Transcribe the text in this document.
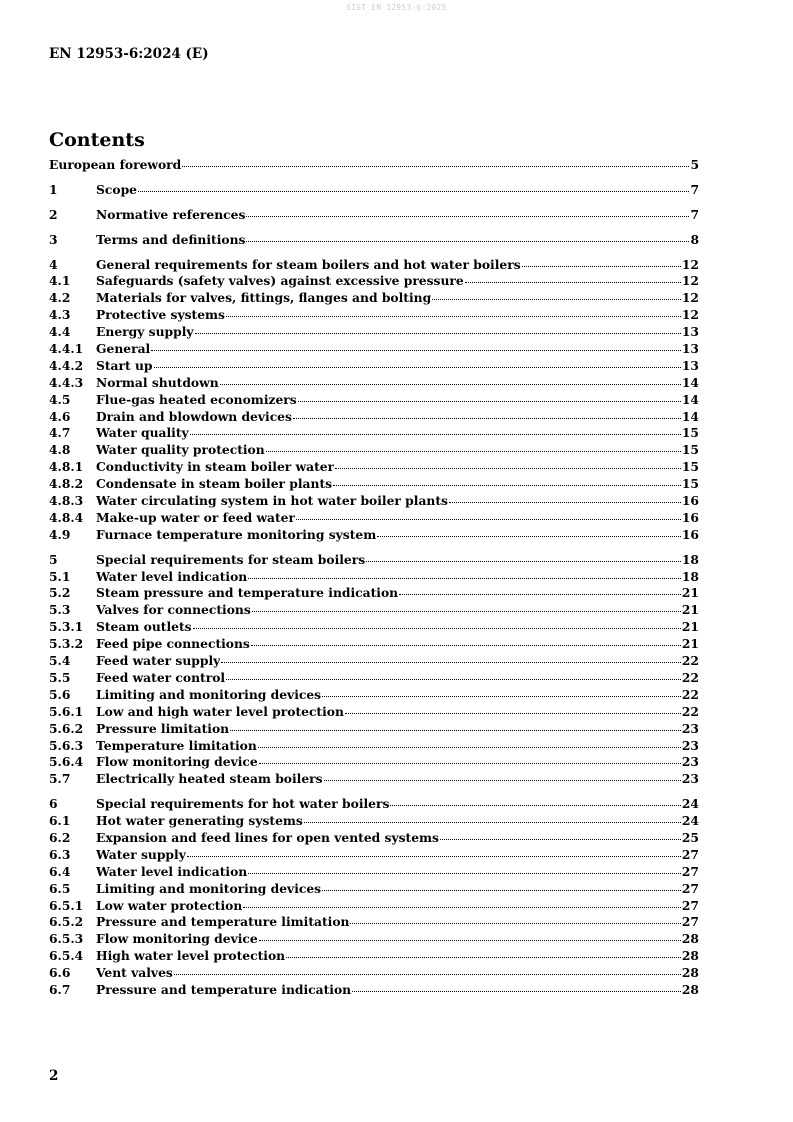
SIST EN 12953-6:2025
EN 12953-6:2024 (E)
Contents
European foreword	5
1	Scope	7
2	Normative references	7
3	Terms and definitions	8
4	General requirements for steam boilers and hot water boilers	12
4.1	Safeguards (safety valves) against excessive pressure	12
4.2	Materials for valves, fittings, flanges and bolting	12
4.3	Protective systems	12
4.4	Energy supply	13
4.4.1	General	13
4.4.2	Start up	13
4.4.3	Normal shutdown	14
4.5	Flue-gas heated economizers	14
4.6	Drain and blowdown devices	14
4.7	Water quality	15
4.8	Water quality protection	15
4.8.1	Conductivity in steam boiler water	15
4.8.2	Condensate in steam boiler plants	15
4.8.3	Water circulating system in hot water boiler plants	16
4.8.4	Make-up water or feed water	16
4.9	Furnace temperature monitoring system	16
5	Special requirements for steam boilers	18
5.1	Water level indication	18
5.2	Steam pressure and temperature indication	21
5.3	Valves for connections	21
5.3.1	Steam outlets	21
5.3.2	Feed pipe connections	21
5.4	Feed water supply	22
5.5	Feed water control	22
5.6	Limiting and monitoring devices	22
5.6.1	Low and high water level protection	22
5.6.2	Pressure limitation	23
5.6.3	Temperature limitation	23
5.6.4	Flow monitoring device	23
5.7	Electrically heated steam boilers	23
6	Special requirements for hot water boilers	24
6.1	Hot water generating systems	24
6.2	Expansion and feed lines for open vented systems	25
6.3	Water supply	27
6.4	Water level indication	27
6.5	Limiting and monitoring devices	27
6.5.1	Low water protection	27
6.5.2	Pressure and temperature limitation	27
6.5.3	Flow monitoring device	28
6.5.4	High water level protection	28
6.6	Vent valves	28
6.7	Pressure and temperature indication	28
2
